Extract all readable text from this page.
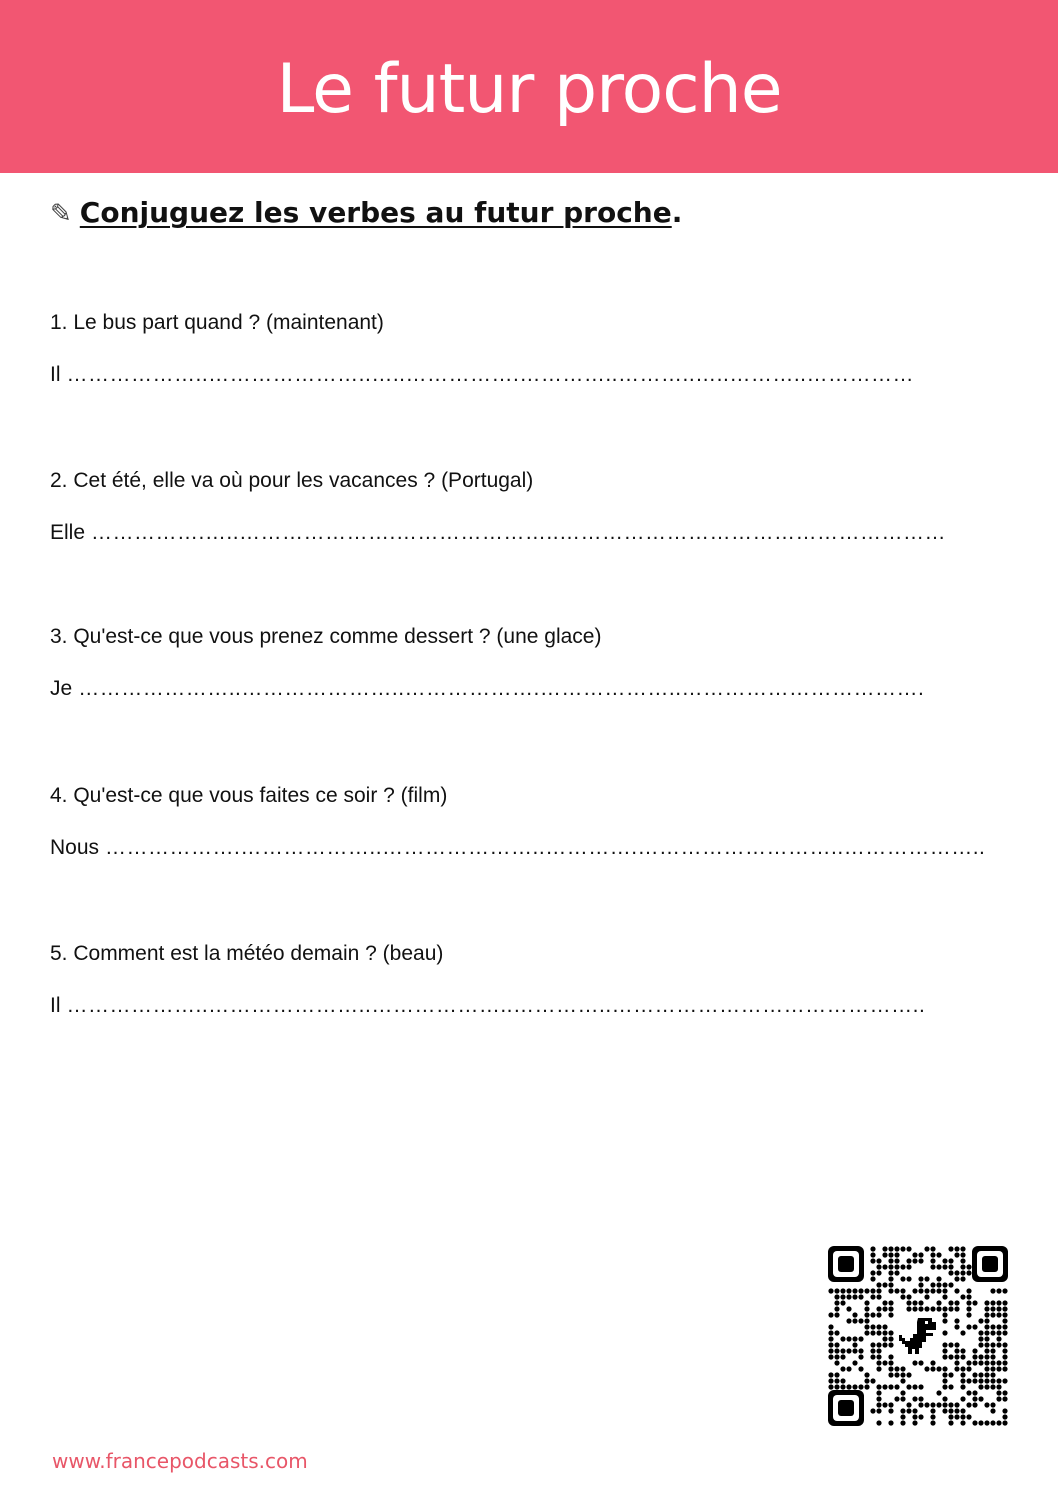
Le futur proche
✎ Conjuguez les verbes au futur proche .
1. Le bus part quand ? (maintenant)
Il ………………..…………………..…..…………….…………..………..…..………..……………
2. Cet été, elle va où pour les vacances ? (Portugal)
Elle …………….…..………………….…………………..………………………………………………
3. Qu'est-ce que vous prenez comme dessert ? (une glace)
Je …………………..…………………..……………….………………..…………………………….
4. Qu'est-ce que vous faites ce soir ? (film)
Nous ……………….………………..…………………..………….………………………..………………..
5. Comment est la météo demain ? (beau)
Il ………………..…………………..………………..…………..……………………………………..
www.francepodcasts.com
